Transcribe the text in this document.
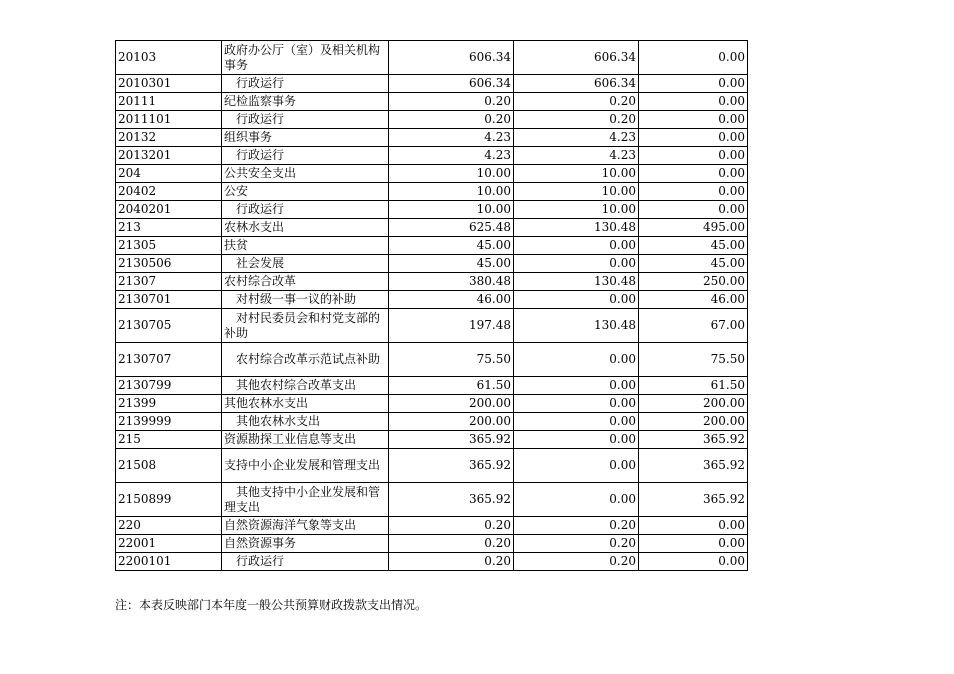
20103	政府办公厅（室）及相关机构事务	606.34	606.34	0.00
2010301	行政运行	606.34	606.34	0.00
20111	纪检监察事务	0.20	0.20	0.00
2011101	行政运行	0.20	0.20	0.00
20132	组织事务	4.23	4.23	0.00
2013201	行政运行	4.23	4.23	0.00
204	公共安全支出	10.00	10.00	0.00
20402	公安	10.00	10.00	0.00
2040201	行政运行	10.00	10.00	0.00
213	农林水支出	625.48	130.48	495.00
21305	扶贫	45.00	0.00	45.00
2130506	社会发展	45.00	0.00	45.00
21307	农村综合改革	380.48	130.48	250.00
2130701	对村级一事一议的补助	46.00	0.00	46.00
2130705	对村民委员会和村党支部的补助	197.48	130.48	67.00
2130707	农村综合改革示范试点补助	75.50	0.00	75.50
2130799	其他农村综合改革支出	61.50	0.00	61.50
21399	其他农林水支出	200.00	0.00	200.00
2139999	其他农林水支出	200.00	0.00	200.00
215	资源勘探工业信息等支出	365.92	0.00	365.92
21508	支持中小企业发展和管理支出	365.92	0.00	365.92
2150899	其他支持中小企业发展和管理支出	365.92	0.00	365.92
220	自然资源海洋气象等支出	0.20	0.20	0.00
22001	自然资源事务	0.20	0.20	0.00
2200101	行政运行	0.20	0.20	0.00
注：本表反映部门本年度一般公共预算财政拨款支出情况。
